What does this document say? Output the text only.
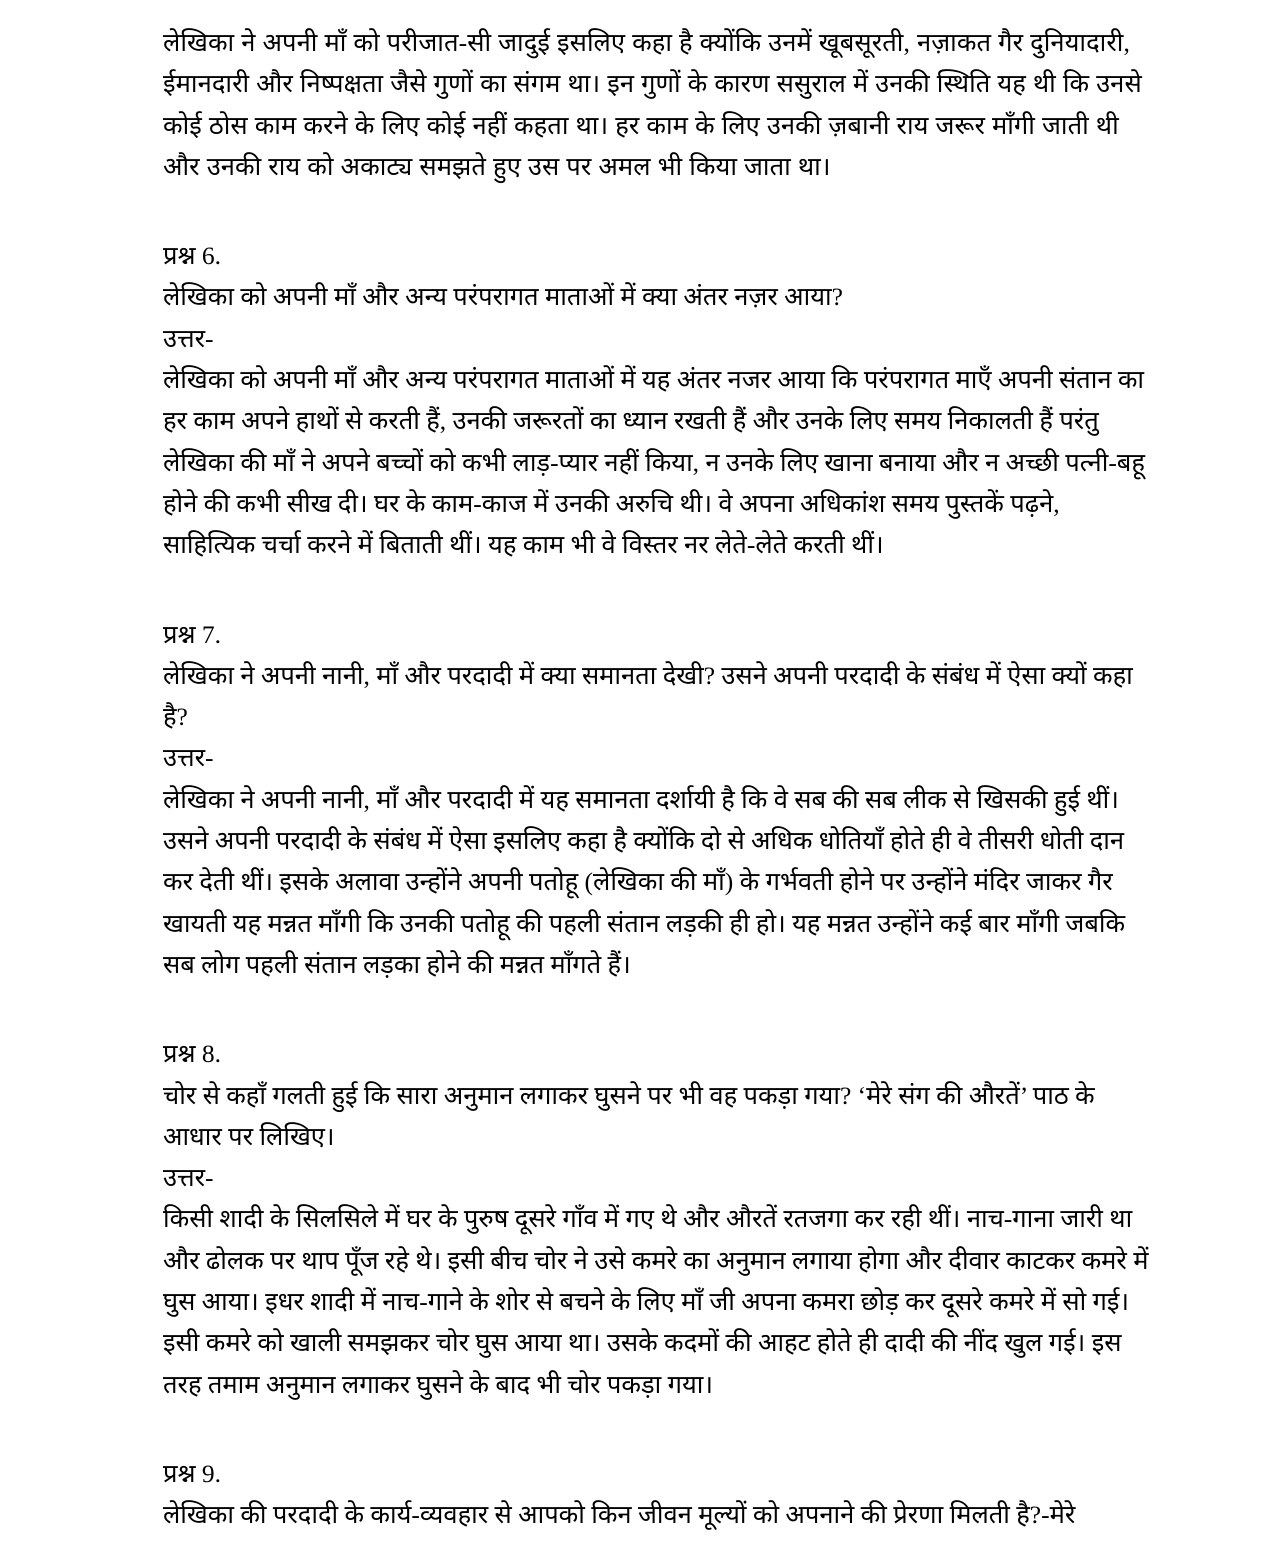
लेखिका ने अपनी माँ को परीजात-सी जादुई इसलिए कहा है क्योंकि उनमें खूबसूरती, नज़ाकत गैर दुनियादारी, ईमानदारी और निष्पक्षता जैसे गुणों का संगम था। इन गुणों के कारण ससुराल में उनकी स्थिति यह थी कि उनसे कोई ठोस काम करने के लिए कोई नहीं कहता था। हर काम के लिए उनकी ज़बानी राय जरूर माँगी जाती थी और उनकी राय को अकाट्य समझते हुए उस पर अमल भी किया जाता था।

प्रश्न 6.

लेखिका को अपनी माँ और अन्य परंपरागत माताओं में क्या अंतर नज़र आया?

उत्तर-

लेखिका को अपनी माँ और अन्य परंपरागत माताओं में यह अंतर नजर आया कि परंपरागत माएँ अपनी संतान का हर काम अपने हाथों से करती हैं, उनकी जरूरतों का ध्यान रखती हैं और उनके लिए समय निकालती हैं परंतु लेखिका की माँ ने अपने बच्चों को कभी लाड़-प्यार नहीं किया, न उनके लिए खाना बनाया और न अच्छी पत्नी-बहू होने की कभी सीख दी। घर के काम-काज में उनकी अरुचि थी। वे अपना अधिकांश समय पुस्तकें पढ़ने, साहित्यिक चर्चा करने में बिताती थीं। यह काम भी वे विस्तर नर लेते-लेते करती थीं।

प्रश्न 7.

लेखिका ने अपनी नानी, माँ और परदादी में क्या समानता देखी? उसने अपनी परदादी के संबंध में ऐसा क्यों कहा है?

उत्तर-

लेखिका ने अपनी नानी, माँ और परदादी में यह समानता दर्शायी है कि वे सब की सब लीक से खिसकी हुई थीं। उसने अपनी परदादी के संबंध में ऐसा इसलिए कहा है क्योंकि दो से अधिक धोतियाँ होते ही वे तीसरी धोती दान कर देती थीं। इसके अलावा उन्होंने अपनी पतोहू (लेखिका की माँ) के गर्भवती होने पर उन्होंने मंदिर जाकर गैर खायती यह मन्नत माँगी कि उनकी पतोहू की पहली संतान लड़की ही हो। यह मन्नत उन्होंने कई बार माँगी जबकि सब लोग पहली संतान लड़का होने की मन्नत माँगते हैं।

प्रश्न 8.

चोर से कहाँ गलती हुई कि सारा अनुमान लगाकर घुसने पर भी वह पकड़ा गया? ‘मेरे संग की औरतें’ पाठ के आधार पर लिखिए।

उत्तर-

किसी शादी के सिलसिले में घर के पुरुष दूसरे गाँव में गए थे और औरतें रतजगा कर रही थीं। नाच-गाना जारी था और ढोलक पर थाप पूँज रहे थे। इसी बीच चोर ने उसे कमरे का अनुमान लगाया होगा और दीवार काटकर कमरे में घुस आया। इधर शादी में नाच-गाने के शोर से बचने के लिए माँ जी अपना कमरा छोड़ कर दूसरे कमरे में सो गई। इसी कमरे को खाली समझकर चोर घुस आया था। उसके कदमों की आहट होते ही दादी की नींद खुल गई। इस तरह तमाम अनुमान लगाकर घुसने के बाद भी चोर पकड़ा गया।

प्रश्न 9.

लेखिका की परदादी के कार्य-व्यवहार से आपको किन जीवन मूल्यों को अपनाने की प्रेरणा मिलती है?-मेरे
